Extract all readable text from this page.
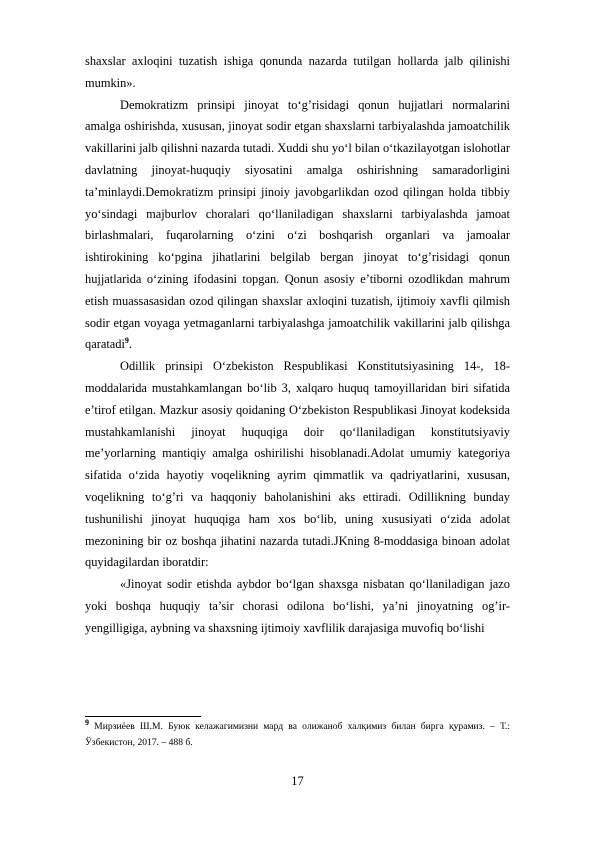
shaxslar axloqini tuzatish ishiga qonunda nazarda tutilgan hollarda jalb qilinishi mumkin».

Demokratizm prinsipi jinoyat to‘g’risidagi qonun hujjatlari normalarini amalga oshirishda, xususan, jinoyat sodir etgan shaxslarni tarbiyalashda jamoatchilik vakillarini jalb qilishni nazarda tutadi. Xuddi shu yo‘l bilan o‘tkazilayotgan islohotlar davlatning jinoyat-huquqiy siyosatini amalga oshirishning samaradorligini ta’minlaydi.Demokratizm prinsipi jinoiy javobgarlikdan ozod qilingan holda tibbiy yo‘sindagi majburlov choralari qo‘llaniladigan shaxslarni tarbiyalashda jamoat birlashmalari, fuqarolarning o‘zini o‘zi boshqarish organlari va jamoalar ishtirokining ko‘pgina jihatlarini belgilab bergan jinoyat to‘g’risidagi qonun hujjatlarida o‘zining ifodasini topgan. Qonun asosiy e’tiborni ozodlikdan mahrum etish muassasasidan ozod qilingan shaxslar axloqini tuzatish, ijtimoiy xavfli qilmish sodir etgan voyaga yetmaganlarni tarbiyalashga jamoatchilik vakillarini jalb qilishga qaratadi$^9$.

Odillik prinsipi O‘zbekiston Respublikasi Konstitutsiyasining 14-, 18-moddalarida mustahkamlangan bo‘lib 3, xalqaro huquq tamoyillaridan biri sifatida e’tirof etilgan. Mazkur asosiy qoidaning O‘zbekiston Respublikasi Jinoyat kodeksida mustahkamlanishi jinoyat huquqiga doir qo‘llaniladigan konstitutsiyaviy me’yorlarning mantiqiy amalga oshirilishi hisoblanadi.Adolat umumiy kategoriya sifatida o‘zida hayotiy voqelikning ayrim qimmatlik va qadriyatlarini, xususan, voqelikning to‘g’ri va haqqoniy baholanishini aks ettiradi. Odillikning bunday tushunilishi jinoyat huquqiga ham xos bo‘lib, uning xususiyati o‘zida adolat mezonining bir oz boshqa jihatini nazarda tutadi.JKning 8-moddasiga binoan adolat quyidagilardan iboratdir:

«Jinoyat sodir etishda aybdor bo‘lgan shaxsga nisbatan qo‘llaniladigan jazo yoki boshqa huquqiy ta’sir chorasi odilona bo‘lishi, ya’ni jinoyatning og’ir-yengilligiga, aybning va shaxsning ijtimoiy xavflilik darajasiga muvofiq bo‘lishi

$^9$ Мирзиёев Ш.М. Буюк келажагимизни мард ва олижаноб халқимиз билан бирга қурамиз. – Т.: Ўзбекистон, 2017. – 488 б.
17
